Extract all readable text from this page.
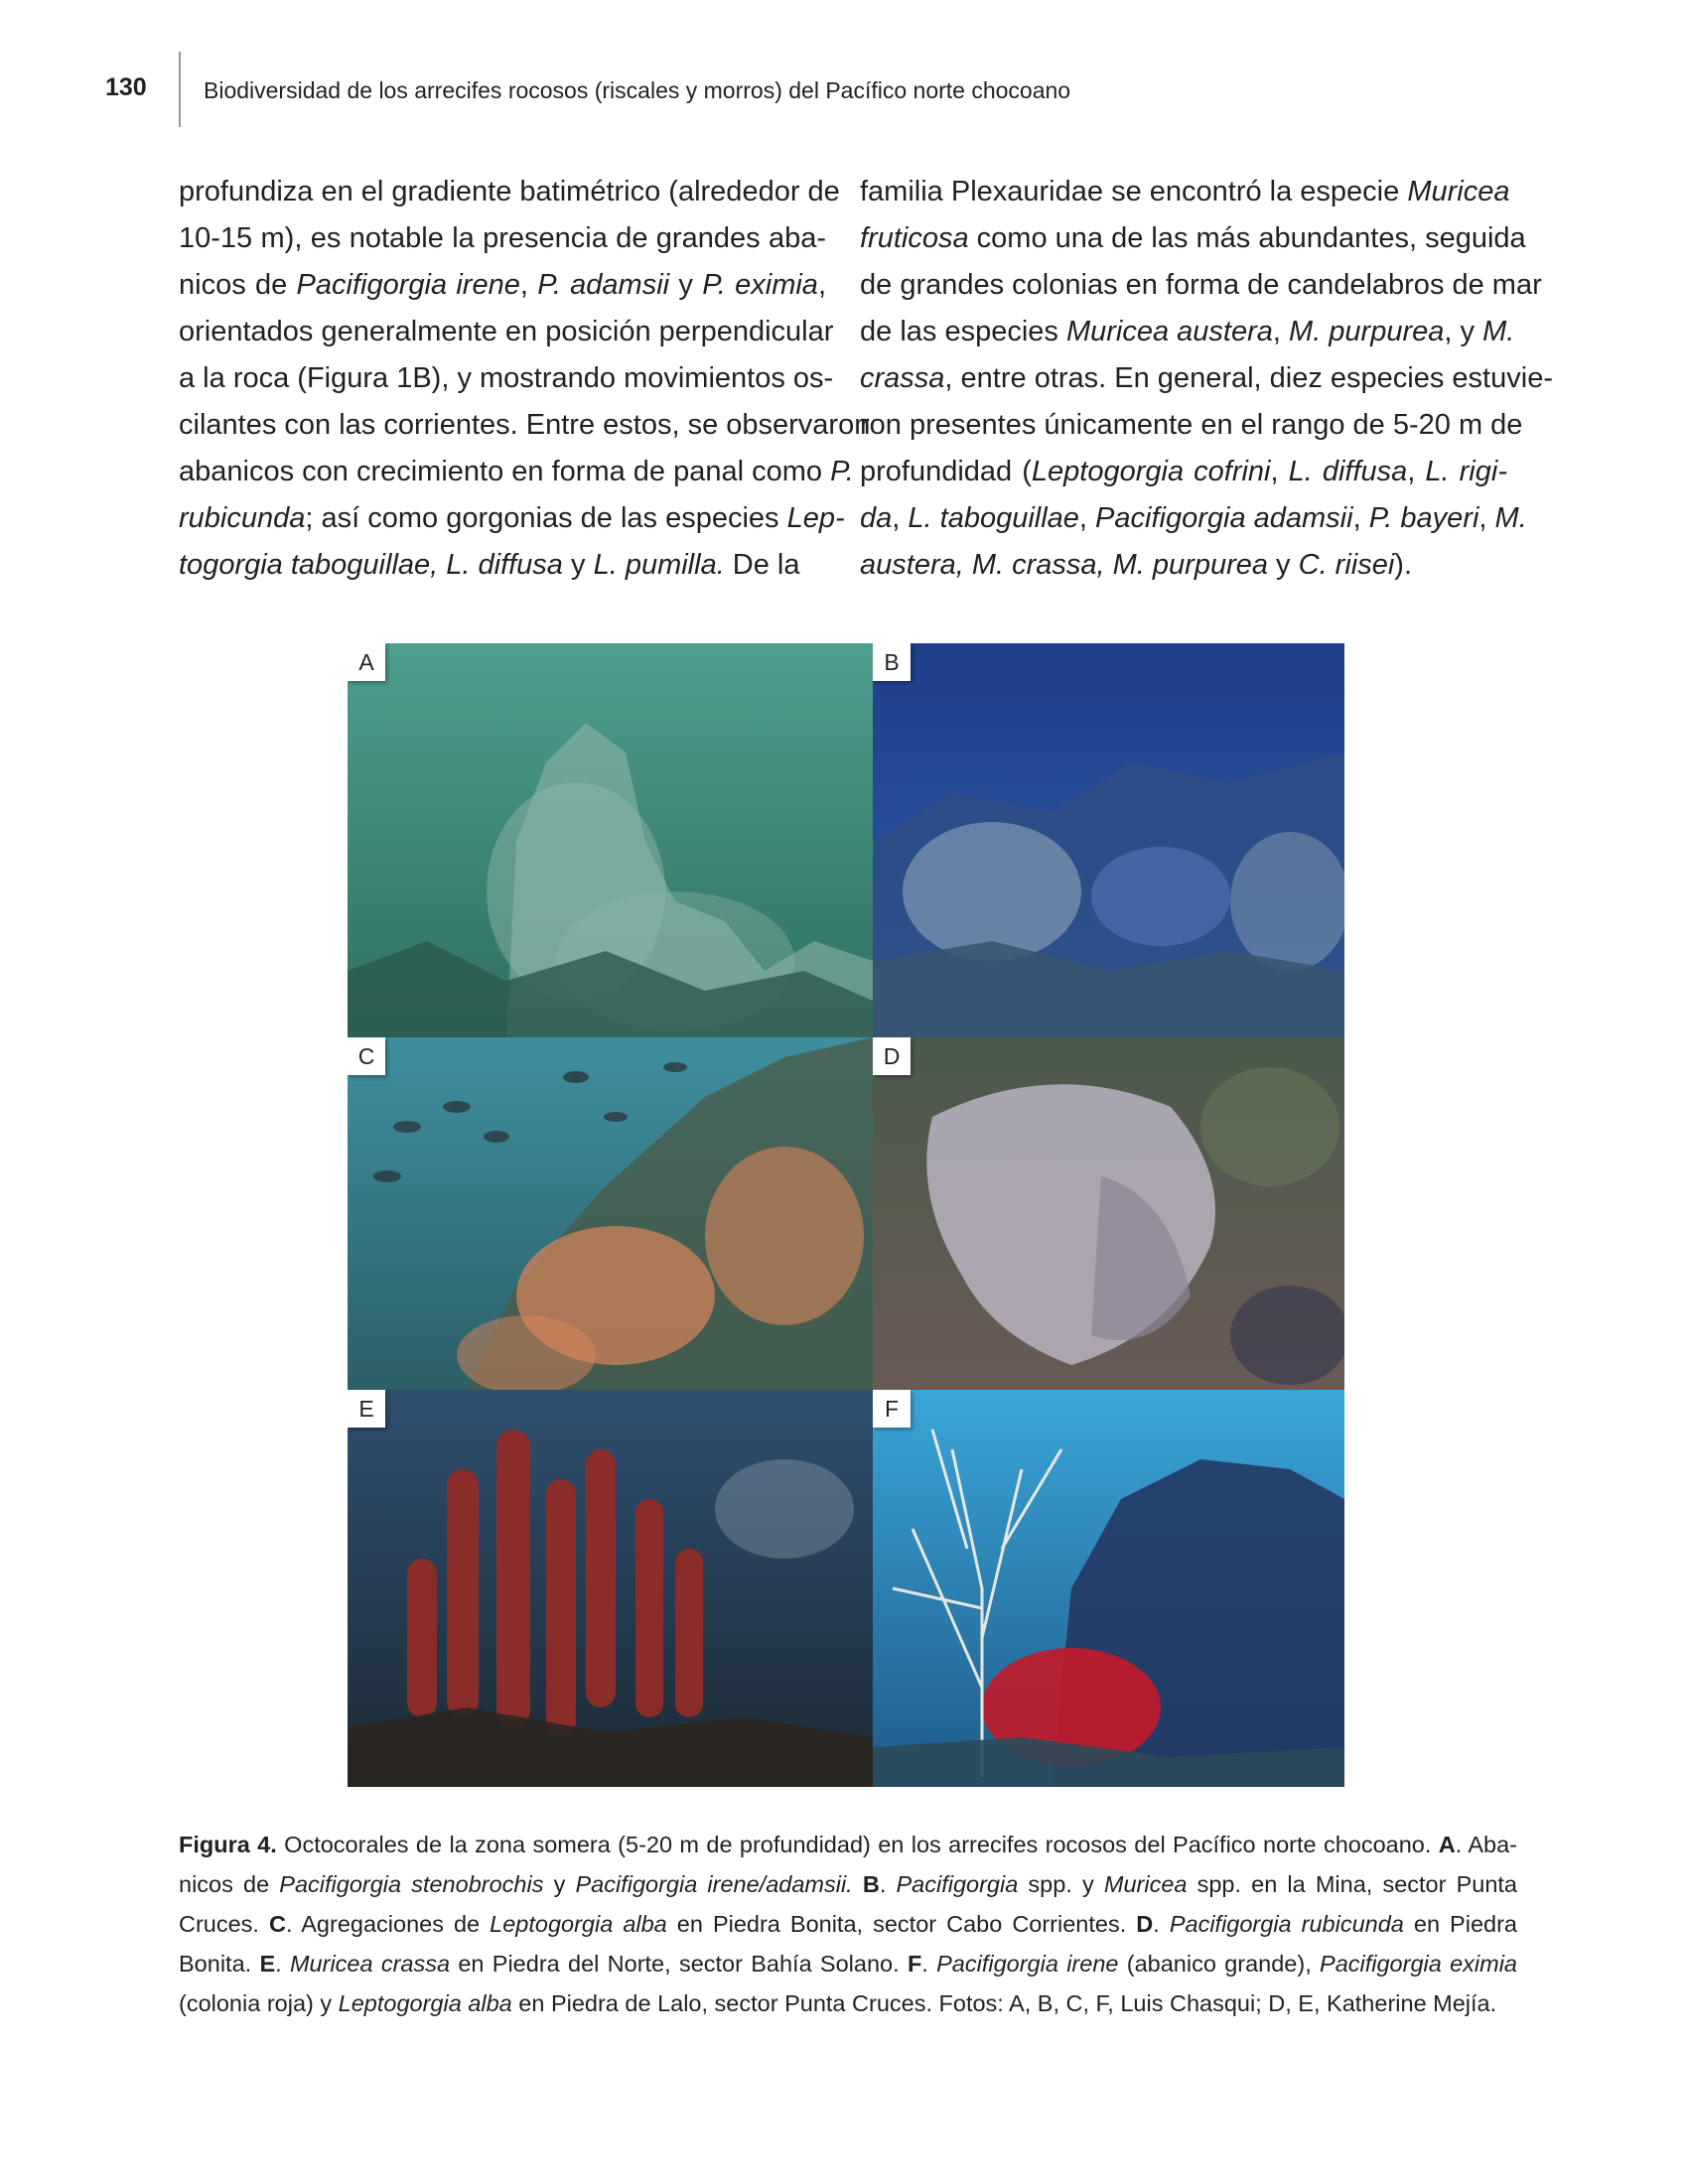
130 Biodiversidad de los arrecifes rocosos (riscales y morros) del Pacífico norte chocoano
profundiza en el gradiente batimétrico (alrededor de
10-15 m), es notable la presencia de grandes aba-
nicos de Pacifigorgia irene, P. adamsii y P. eximia,
orientados generalmente en posición perpendicular
a la roca (Figura 1B), y mostrando movimientos os-
cilantes con las corrientes. Entre estos, se observaron
abanicos con crecimiento en forma de panal como P.
rubicunda; así como gorgonias de las especies Lep-
togorgia taboguillae, L. diffusa y L. pumilla. De la
familia Plexauridae se encontró la especie Muricea
fruticosa como una de las más abundantes, seguida
de grandes colonias en forma de candelabros de mar
de las especies Muricea austera, M. purpurea, y M.
crassa, entre otras. En general, diez especies estuvie-
ron presentes únicamente en el rango de 5-20 m de
profundidad (Leptogorgia cofrini, L. diffusa, L. rigi-
da, L. taboguillae, Pacifigorgia adamsii, P. bayeri, M.
austera, M. crassa, M. purpurea y C. riisei).
A	B
C	D
E	F
Figura 4. Octocorales de la zona somera (5-20 m de profundidad) en los arrecifes rocosos del Pacífico norte chocoano. A. Aba-
nicos de Pacifigorgia stenobrochis y Pacifigorgia irene/adamsii. B. Pacifigorgia spp. y Muricea spp. en la Mina, sector Punta
Cruces. C. Agregaciones de Leptogorgia alba en Piedra Bonita, sector Cabo Corrientes. D. Pacifigorgia rubicunda en Piedra
Bonita. E. Muricea crassa en Piedra del Norte, sector Bahía Solano. F. Pacifigorgia irene (abanico grande), Pacifigorgia eximia
(colonia roja) y Leptogorgia alba en Piedra de Lalo, sector Punta Cruces. Fotos: A, B, C, F, Luis Chasqui; D, E, Katherine Mejía.
